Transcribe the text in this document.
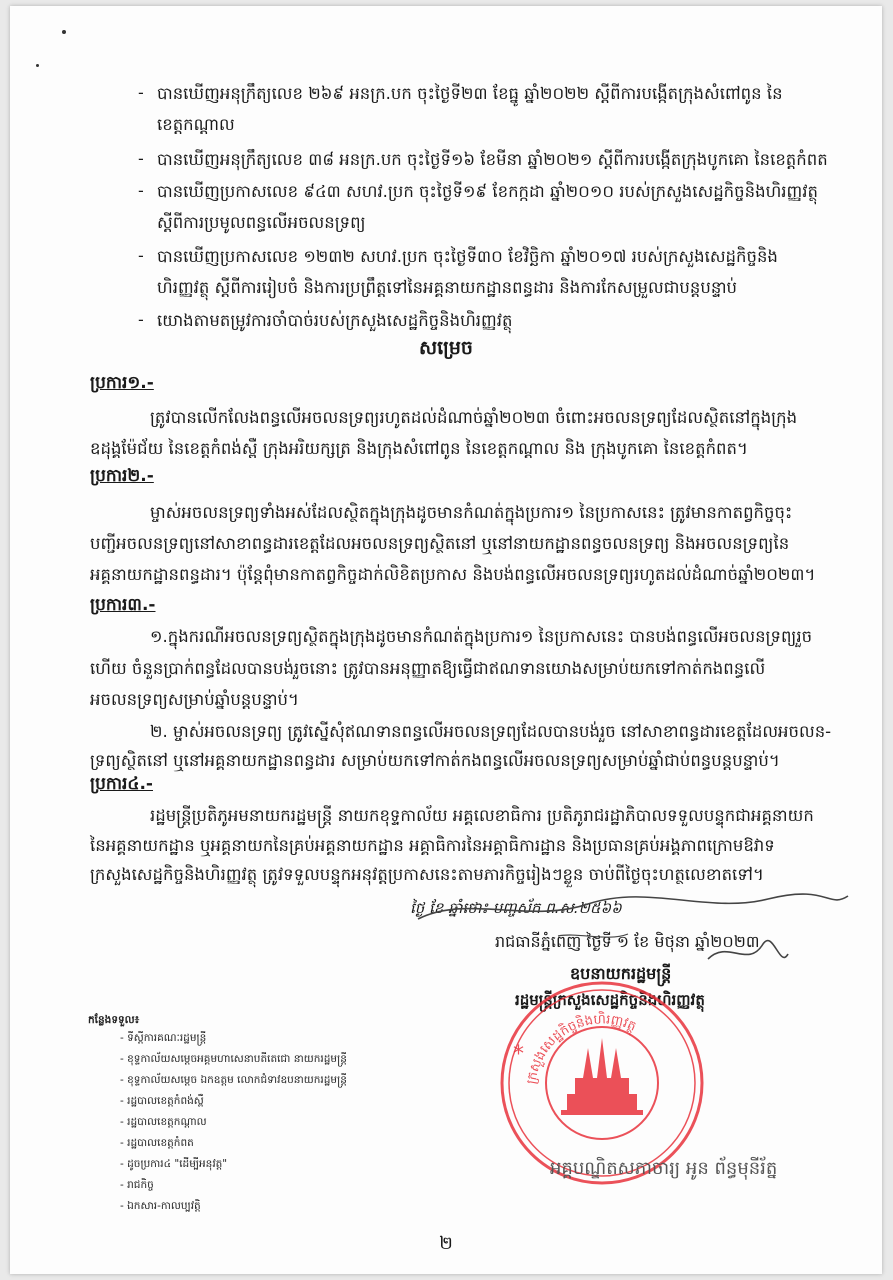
- បានឃើញអនុក្រឹត្យលេខ ២៦៩ អនក្រ.បក ចុះថ្ងៃទី២៣ ខែធ្នូ ឆ្នាំ២០២២ ស្តីពីការបង្កើតក្រុងសំពៅពូន នៃ
ខេត្តកណ្តាល
- បានឃើញអនុក្រឹត្យលេខ ៣៨ អនក្រ.បក ចុះថ្ងៃទី១៦ ខែមីនា ឆ្នាំ២០២១ ស្តីពីការបង្កើតក្រុងបូកគោ នៃខេត្តកំពត
- បានឃើញប្រកាសលេខ ៩៤៣ សហវ.ប្រក ចុះថ្ងៃទី១៩ ខែកក្កដា ឆ្នាំ២០១០ របស់ក្រសួងសេដ្ឋកិច្ចនិងហិរញ្ញវត្ថុ
ស្តីពីការប្រមូលពន្ធលើអចលនទ្រព្យ
- បានឃើញប្រកាសលេខ ១២៣២ សហវ.ប្រក ចុះថ្ងៃទី៣០ ខែវិច្ឆិកា ឆ្នាំ២០១៧ របស់ក្រសួងសេដ្ឋកិច្ចនិង
ហិរញ្ញវត្ថុ ស្តីពីការរៀបចំ និងការប្រព្រឹត្តទៅនៃអគ្គនាយកដ្ឋានពន្ធដារ និងការកែសម្រួលជាបន្តបន្ទាប់
- យោងតាមតម្រូវការចាំបាច់របស់ក្រសួងសេដ្ឋកិច្ចនិងហិរញ្ញវត្ថុ
សម្រេច
ប្រការ១.-
ត្រូវបានលើកលែងពន្ធលើអចលនទ្រព្យរហូតដល់ដំណាច់ឆ្នាំ២០២៣ ចំពោះអចលនទ្រព្យដែលស្ថិតនៅក្នុងក្រុង
ឧដុង្គម៉ែជ័យ នៃខេត្តកំពង់ស្ពឺ ក្រុងអរិយក្សត្រ និងក្រុងសំពៅពូន នៃខេត្តកណ្តាល និង ក្រុងបូកគោ នៃខេត្តកំពត។
ប្រការ២.-
ម្ចាស់អចលនទ្រព្យទាំងអស់ដែលស្ថិតក្នុងក្រុងដូចមានកំណត់ក្នុងប្រការ១ នៃប្រកាសនេះ ត្រូវមានកាតព្វកិច្ចចុះ
បញ្ជីអចលនទ្រព្យនៅសាខាពន្ធដារខេត្តដែលអចលនទ្រព្យស្ថិតនៅ ឬនៅនាយកដ្ឋានពន្ធចលនទ្រព្យ និងអចលនទ្រព្យនៃ
អគ្គនាយកដ្ឋានពន្ធដារ។ ប៉ុន្តែពុំមានកាតព្វកិច្ចដាក់លិខិតប្រកាស និងបង់ពន្ធលើអចលនទ្រព្យរហូតដល់ដំណាច់ឆ្នាំ២០២៣។
ប្រការ៣.-
១.ក្នុងករណីអចលនទ្រព្យស្ថិតក្នុងក្រុងដូចមានកំណត់ក្នុងប្រការ១ នៃប្រកាសនេះ បានបង់ពន្ធលើអចលនទ្រព្យរួច
ហើយ ចំនួនប្រាក់ពន្ធដែលបានបង់រួចនោះ ត្រូវបានអនុញ្ញាតឱ្យធ្វើជាឥណទានយោងសម្រាប់យកទៅកាត់កងពន្ធលើ
អចលនទ្រព្យសម្រាប់ឆ្នាំបន្តបន្ទាប់។
២. ម្ចាស់អចលនទ្រព្យ ត្រូវស្នើសុំឥណទានពន្ធលើអចលនទ្រព្យដែលបានបង់រួច នៅសាខាពន្ធដារខេត្តដែលអចលន-
ទ្រព្យស្ថិតនៅ ឬនៅអគ្គនាយកដ្ឋានពន្ធដារ សម្រាប់យកទៅកាត់កងពន្ធលើអចលនទ្រព្យសម្រាប់ឆ្នាំជាប់ពន្ធបន្តបន្ទាប់។
ប្រការ៤.-
រដ្ឋមន្ត្រីប្រតិភូអមនាយករដ្ឋមន្ត្រី នាយកខុទ្ទកាល័យ អគ្គលេខាធិការ ប្រតិភូរាជរដ្ឋាភិបាលទទួលបន្ទុកជាអគ្គនាយក
នៃអគ្គនាយកដ្ឋាន ឬអគ្គនាយកនៃគ្រប់អគ្គនាយកដ្ឋាន អគ្គាធិការនៃអគ្គាធិការដ្ឋាន និងប្រធានគ្រប់អង្គភាពក្រោមឱវាទ
ក្រសួងសេដ្ឋកិច្ចនិងហិរញ្ញវត្ថុ ត្រូវទទួលបន្ទុកអនុវត្តប្រកាសនេះតាមភារកិច្ចរៀងៗខ្លួន ចាប់ពីថ្ងៃចុះហត្ថលេខាតទៅ។
ថ្ងៃ ខែ ឆ្នាំថោះ បញ្ចស័ក ព.ស.២៥៦៦
រាជធានីភ្នំពេញ ថ្ងៃទី ១ ខែ មិថុនា ឆ្នាំ២០២៣
ឧបនាយករដ្ឋមន្ត្រី
រដ្ឋមន្ត្រីក្រសួងសេដ្ឋកិច្ចនិងហិរញ្ញវត្ថុ
ក្រសួងសេដ្ឋកិច្ចនិងហិរញ្ញវត្ថុ
*
អគ្គបណ្ឌិតសភាចារ្យ អូន ព័ន្ធមុនីរ័ត្ន
កន្លែងទទួល៖
- ទីស្តីការគណៈរដ្ឋមន្ត្រី
- ខុទ្ទកាល័យសម្តេចអគ្គមហាសេនាបតីតេជោ នាយករដ្ឋមន្ត្រី
- ខុទ្ទកាល័យសម្តេច ឯកឧត្តម លោកជំទាវឧបនាយករដ្ឋមន្ត្រី
- រដ្ឋបាលខេត្តកំពង់ស្ពឺ
- រដ្ឋបាលខេត្តកណ្តាល
- រដ្ឋបាលខេត្តកំពត
- ដូចប្រការ៤ "ដើម្បីអនុវត្ត"
- រាជកិច្ច
- ឯកសារ-កាលប្បវត្តិ
២
